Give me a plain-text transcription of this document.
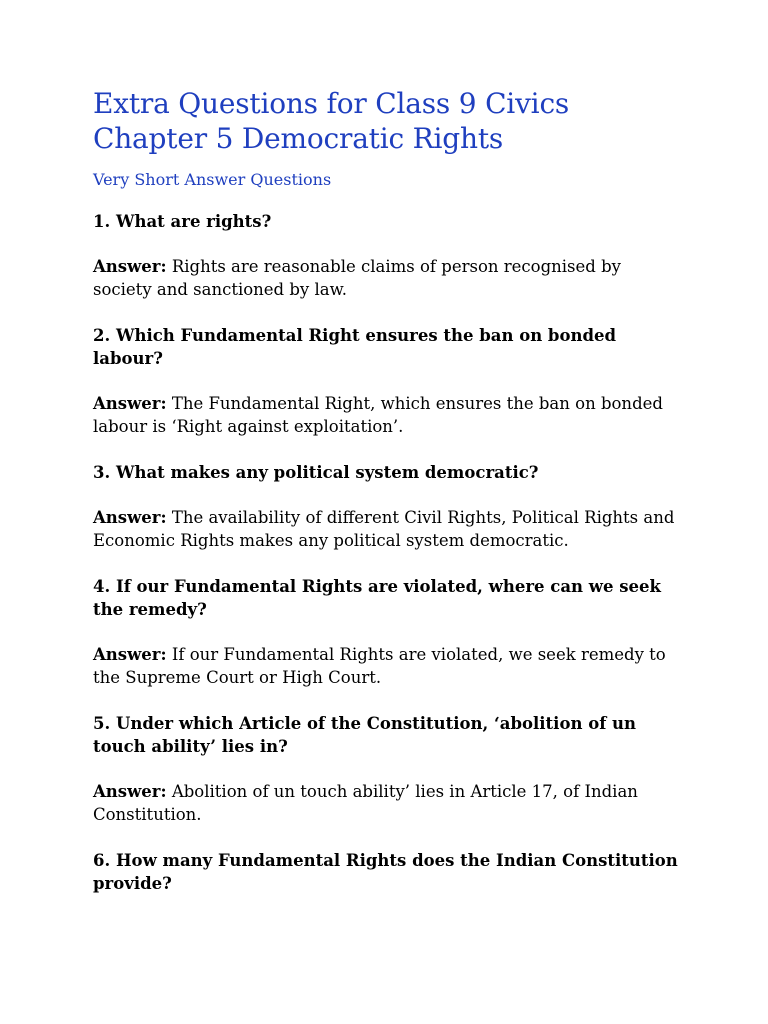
Extra Questions for Class 9 Civics
Chapter 5 Democratic Rights
Very Short Answer Questions

1. What are rights?

Answer: Rights are reasonable claims of person recognised by society and sanctioned by law.

2. Which Fundamental Right ensures the ban on bonded labour?

Answer: The Fundamental Right, which ensures the ban on bonded labour is ‘Right against exploitation’.

3. What makes any political system democratic?

Answer: The availability of different Civil Rights, Political Rights and Economic Rights makes any political system democratic.

4. If our Fundamental Rights are violated, where can we seek the remedy?

Answer: If our Fundamental Rights are violated, we seek remedy to the Supreme Court or High Court.

5. Under which Article of the Constitution, ‘abolition of un touch ability’ lies in?

Answer: Abolition of un touch ability’ lies in Article 17, of Indian Constitution.

6. How many Fundamental Rights does the Indian Constitution provide?
